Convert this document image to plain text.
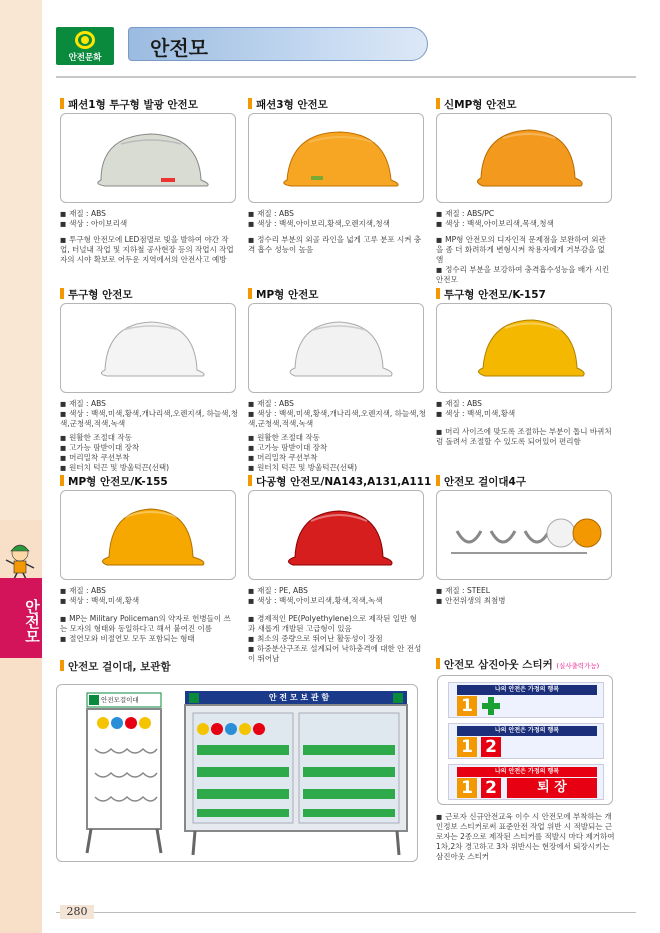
안전모
안전문화	안전모
패션1형 투구형 발광 안전모
■ 재질 : ABS
■ 색상 : 아이보리색
■ 투구형 안전모에 LED점멸로 빛을 발하여 야간 작업, 터널내 작업 및 지하철 공사현장 등의 작업시 작업자의 시야 확보로 어두운 지역에서의 안전사고 예방
패션3형 안전모
■ 재질 : ABS
■ 색상 : 백색,아이보리,황색,오렌지색,청색
■ 정수리 부분의 외골 라인을 넓게 고루 분포 시켜 충격 흡수 성능이 높음
신MP형 안전모
■ 재질 : ABS/PC
■ 색상 : 백색,아이보리색,목색,청색
■ MP형 안전모의 디자인적 문제점을 보완하여 외관을 좀 더 화려하게 변형시켜 착용자에게 거부감을 없앰
■ 정수리 부분을 보강하여 충격흡수성능을 배가 시킨 안전모
투구형 안전모
■ 재질 : ABS
■ 색상 : 백색,미색,황색,개나리색,오렌지색, 하늘색,청색,군청색,적색,녹색
■ 원활한 조절대 작동
■ 고가능 땀받이대 장착
■ 머리밀착 쿠션부착
■ 원터치 턱끈 및 방울턱끈(선택)
MP형 안전모
■ 재질 : ABS
■ 색상 : 백색,미색,황색,개나리색,오렌지색, 하늘색,청색,군청색,적색,녹색
■ 원활한 조절대 작동
■ 고가능 땀받이대 장착
■ 머리밀착 쿠션부착
■ 원터치 턱끈 및 방울턱끈(선택)
투구형 안전모/K-157
■ 재질 : ABS
■ 색상 : 백색,미색,황색
■ 머리 사이즈에 맞도록 조절하는 부분이 톱니 바퀴처럼 돌려서 조절할 수 있도록 되어있어 편리함
MP형 안전모/K-155
■ 재질 : ABS
■ 색상 : 백색,미색,황색
■ MP는 Military Policeman의 약자로 헌병들이 쓰는 모자의 형태와 동일하다고 해서 붙여진 이름
■ 절연모와 비절연모 모두 포함되는 형태
다공형 안전모/NA143,A131,A111
■ 재질 : PE, ABS
■ 색상 : 백색,아이보리색,황색,적색,녹색
■ 경제적인 PE(Polyethylene)으로 제작된 일반 형과 새롭게 개발된 고급형이 있음
■ 최소의 중량으로 뛰어난 활동성이 장점
■ 하중분산구조로 설계되어 낙하충격에 대한 안 전성이 뛰어남
안전모 걸이대4구
■ 재질 : STEEL
■ 안전위생의 최첨병
안전모 걸이대, 보관함
안전모걸이대	안 전 모 보 관 함
안전모 삼진아웃 스티커 (실사출력가능)
나의 안전은 가정의 행복
1
나의 안전은 가정의 행복
1 2
나의 안전은 가정의 행복
1 2	퇴 장
■ 근로자 신규안전교육 이수 시 안전모에 부착하는 개인정보 스티커로써 표준안전 작업 위반 시 적발되는 근로자는 2종으로 제작된 스티커를 적발시 마다 제거하여 1차,2차 경고하고 3차 위반시는 현장에서 퇴장시키는 삼진아웃 스티커
280
